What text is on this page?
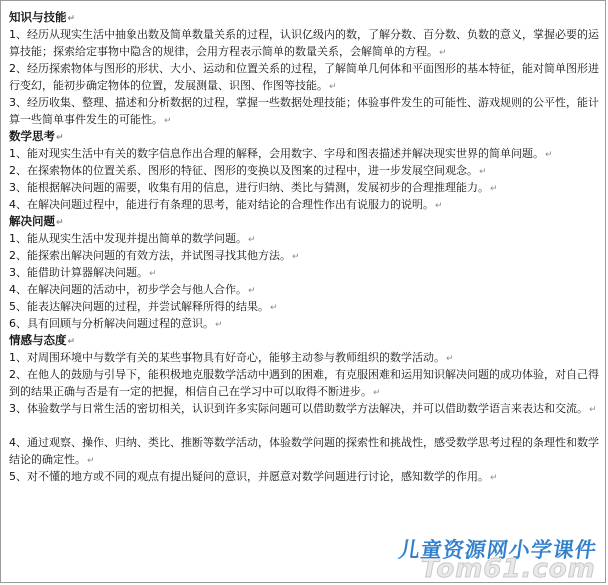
知识与技能↵
1、经历从现实生活中抽象出数及简单数量关系的过程，认识亿级内的数，了解分数、百分数、负数的意义，掌握必要的运算技能；探索给定事物中隐含的规律，会用方程表示简单的数量关系，会解简单的方程。↵
2、经历探索物体与图形的形状、大小、运动和位置关系的过程，了解简单几何体和平面图形的基本特征，能对简单图形进行变幻，能初步确定物体的位置，发展测量、识图、作图等技能。↵
3、经历收集、整理、描述和分析数据的过程，掌握一些数据处理技能；体验事件发生的可能性、游戏规则的公平性，能计算一些简单事件发生的可能性。↵
数学思考↵
1、能对现实生活中有关的数字信息作出合理的解释，会用数字、字母和图表描述并解决现实世界的简单问题。↵
2、在探索物体的位置关系、图形的特征、图形的变换以及图案的过程中，进一步发展空间观念。↵
3、能根据解决问题的需要，收集有用的信息，进行归纳、类比与猜测，发展初步的合理推理能力。↵
4、在解决问题过程中，能进行有条理的思考，能对结论的合理性作出有说服力的说明。↵
解决问题↵
1、能从现实生活中发现并提出简单的数学问题。↵
2、能探索出解决问题的有效方法，并试图寻找其他方法。↵
3、能借助计算器解决问题。↵
4、在解决问题的活动中，初步学会与他人合作。↵
5、能表达解决问题的过程，并尝试解释所得的结果。↵
6、具有回顾与分析解决问题过程的意识。↵
情感与态度↵
1、对周围环境中与数学有关的某些事物具有好奇心，能够主动参与教师组织的数学活动。↵
2、在他人的鼓励与引导下，能积极地克服数学活动中遇到的困难，有克服困难和运用知识解决问题的成功体验，对自己得到的结果正确与否是有一定的把握，相信自己在学习中可以取得不断进步。↵
3、体验数学与日常生活的密切相关，认识到许多实际问题可以借助数学方法解决，并可以借助数学语言来表达和交流。↵
4、通过观察、操作、归纳、类比、推断等数学活动，体验数学问题的探索性和挑战性，感受数学思考过程的条理性和数学结论的确定性。↵
5、对不懂的地方或不同的观点有提出疑问的意识，并愿意对数学问题进行讨论，感知数学的作用。↵
Tom61.com
儿童资源网小学课件
